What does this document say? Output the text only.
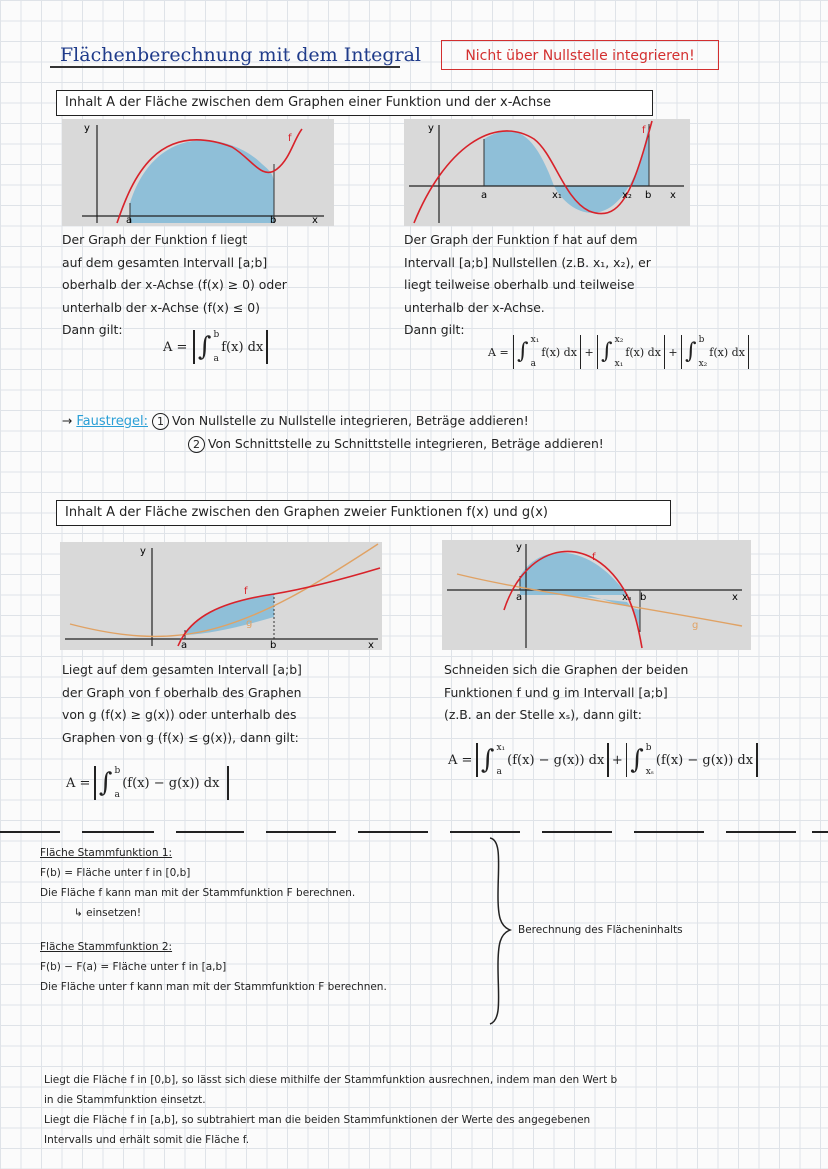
Flächenberechnung mit dem Integral	Nicht über Nullstelle integrieren!
Inhalt A der Fläche zwischen dem Graphen einer Funktion und der x-Achse
y
f
a	b	x
y	f
a	x₁	x₂ b x
Der Graph der Funktion f liegt
auf dem gesamten Intervall [a;b]
oberhalb der x-Achse (f(x) ≥ 0) oder
unterhalb der x-Achse (f(x) ≤ 0)
Dann gilt:
A = ∫ b
a
f(x) dx
Der Graph der Funktion f hat auf dem
Intervall [a;b] Nullstellen (z.B. x₁, x₂), er
liegt teilweise oberhalb und teilweise
unterhalb der x-Achse.
Dann gilt:
A = ∫ x₁
a
f(x) dx + ∫ x₂
x₁
f(x) dx + ∫ b
x₂
f(x) dx
→ Faustregel: 1 Von Nullstelle zu Nullstelle integrieren, Beträge addieren!
2 Von Schnittstelle zu Schnittstelle integrieren, Beträge addieren!
Inhalt A der Fläche zwischen den Graphen zweier Funktionen f(x) und g(x)
y
f
g
a	b	x
y
f
g
a	xₛ b	x
Liegt auf dem gesamten Intervall [a;b]
der Graph von f oberhalb des Graphen
von g (f(x) ≥ g(x)) oder unterhalb des
Graphen von g (f(x) ≤ g(x)), dann gilt:
A = ∫ b
a
(f(x) − g(x)) dx
Schneiden sich die Graphen der beiden
Funktionen f und g im Intervall [a;b]
(z.B. an der Stelle xₛ), dann gilt:
A = ∫ x₁
a
(f(x) − g(x)) dx + ∫ b
xₛ
(f(x) − g(x)) dx
Fläche Stammfunktion 1:
F(b) = Fläche unter f in [0,b]
Die Fläche f kann man mit der Stammfunktion F berechnen.
↳ einsetzen!
Fläche Stammfunktion 2:
F(b) − F(a) = Fläche unter f in [a,b]
Die Fläche unter f kann man mit der Stammfunktion F berechnen.
Berechnung des Flächeninhalts
Liegt die Fläche f in [0,b], so lässt sich diese mithilfe der Stammfunktion ausrechnen, indem man den Wert b
in die Stammfunktion einsetzt.
Liegt die Fläche f in [a,b], so subtrahiert man die beiden Stammfunktionen der Werte des angegebenen
Intervalls und erhält somit die Fläche f.
